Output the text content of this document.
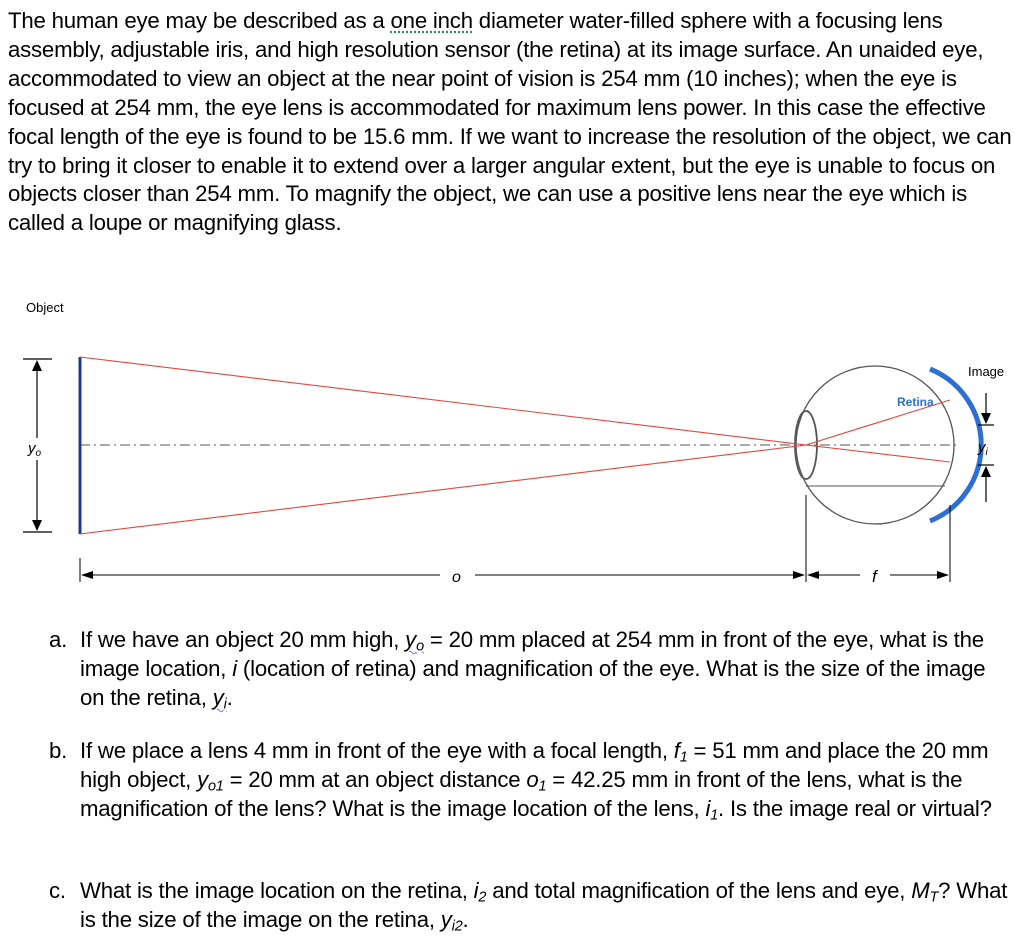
The human eye may be described as a one inch diameter water-filled sphere with a focusing lens assembly, adjustable iris, and high resolution sensor (the retina) at its image surface. An unaided eye, accommodated to view an object at the near point of vision is 254 mm (10 inches); when the eye is focused at 254 mm, the eye lens is accommodated for maximum lens power. In this case the effective focal length of the eye is found to be 15.6 mm. If we want to increase the resolution of the object, we can try to bring it closer to enable it to extend over a larger angular extent, but the eye is unable to focus on objects closer than 254 mm. To magnify the object, we can use a positive lens near the eye which is called a loupe or magnifying glass.
Object
$y_o$
Retina
Image
$y_i$
o	f
a. If we have an object 20 mm high, $y_o = 20$ mm placed at 254 mm in front of the eye, what is the image location, i (location of retina) and magnification of the eye. What is the size of the image on the retina, $y_i$.
b. If we place a lens 4 mm in front of the eye with a focal length, $f_1 = 51$ mm and place the 20 mm high object, $y_{o1} = 20$ mm at an object distance $o_1 = 42.25$ mm in front of the lens, what is the magnification of the lens? What is the image location of the lens, $i_1$. Is the image real or virtual?
c. What is the image location on the retina, $i_2$ and total magnification of the lens and eye, $M_T$? What is the size of the image on the retina, $y_{i2}$.
